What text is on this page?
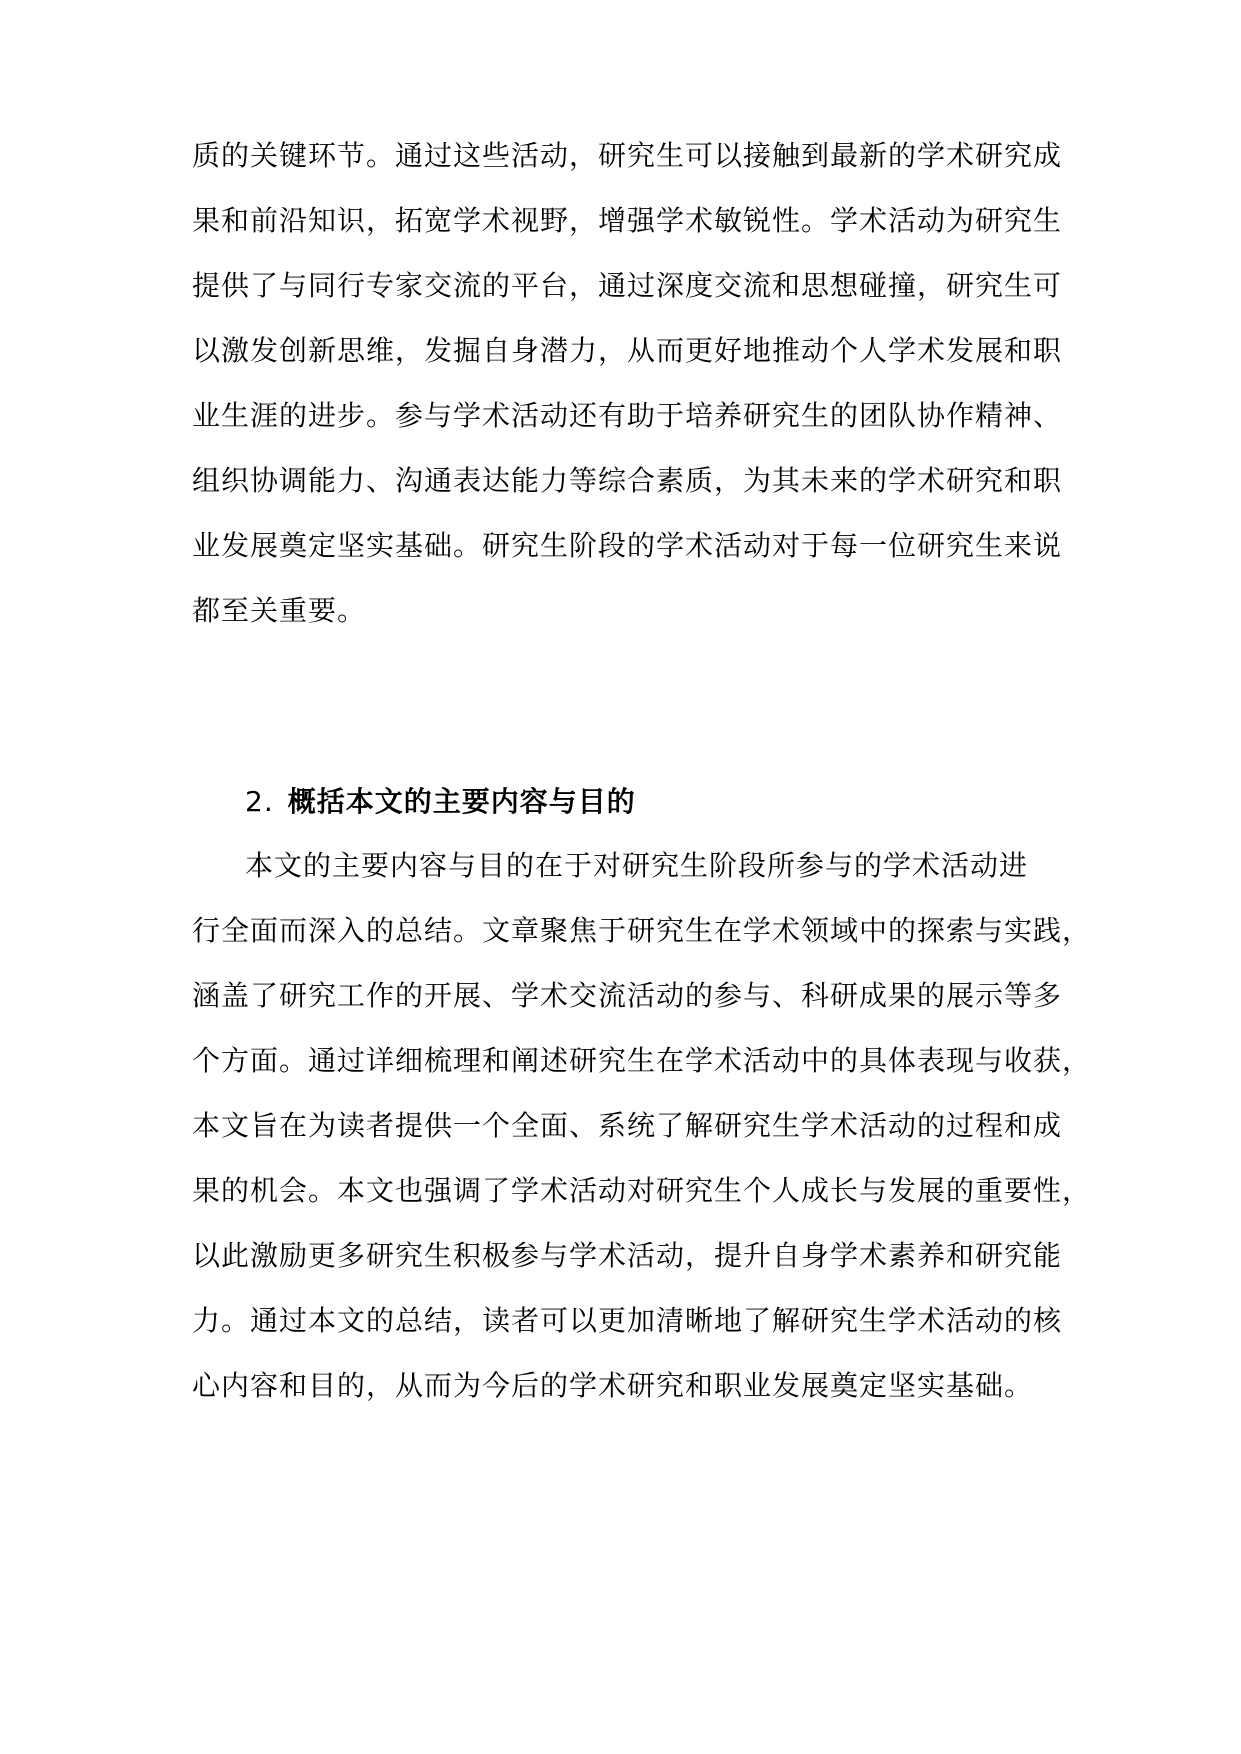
质的关键环节。通过这些活动，研究生可以接触到最新的学术研究成
果和前沿知识，拓宽学术视野，增强学术敏锐性。学术活动为研究生
提供了与同行专家交流的平台，通过深度交流和思想碰撞，研究生可
以激发创新思维，发掘自身潜力，从而更好地推动个人学术发展和职
业生涯的进步。参与学术活动还有助于培养研究生的团队协作精神、
组织协调能力、沟通表达能力等综合素质，为其未来的学术研究和职
业发展奠定坚实基础。研究生阶段的学术活动对于每一位研究生来说
都至关重要。
2. 概括本文的主要内容与目的
本文的主要内容与目的在于对研究生阶段所参与的学术活动进
行全面而深入的总结。文章聚焦于研究生在学术领域中的探索与实践，
涵盖了研究工作的开展、学术交流活动的参与、科研成果的展示等多
个方面。通过详细梳理和阐述研究生在学术活动中的具体表现与收获，
本文旨在为读者提供一个全面、系统了解研究生学术活动的过程和成
果的机会。本文也强调了学术活动对研究生个人成长与发展的重要性，
以此激励更多研究生积极参与学术活动，提升自身学术素养和研究能
力。通过本文的总结，读者可以更加清晰地了解研究生学术活动的核
心内容和目的，从而为今后的学术研究和职业发展奠定坚实基础。
